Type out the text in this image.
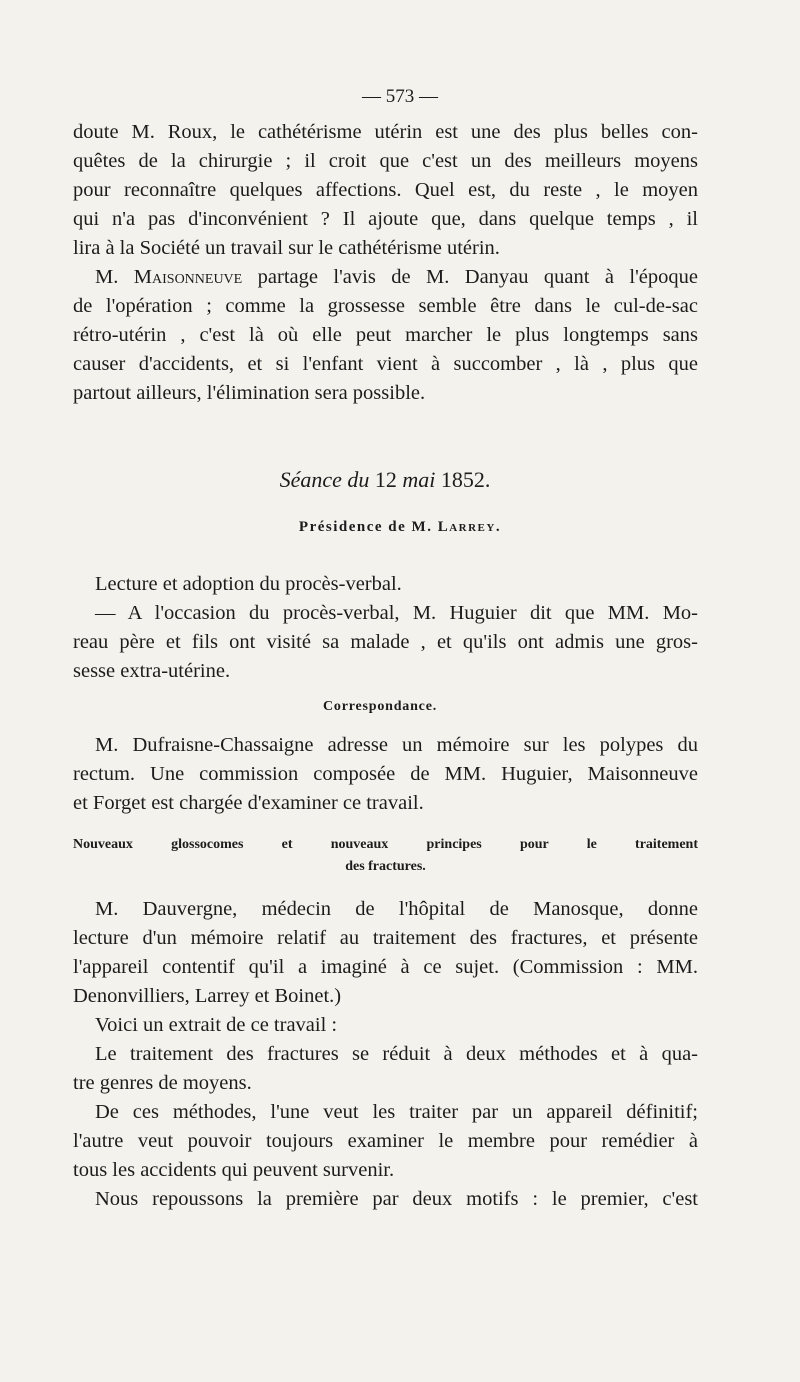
— 573 —

doute M. Roux, le cathétérisme utérin est une des plus belles con-

quêtes de la chirurgie ; il croit que c'est un des meilleurs moyens

pour reconnaître quelques affections. Quel est, du reste , le moyen

qui n'a pas d'inconvénient ? Il ajoute que, dans quelque temps , il

lira à la Société un travail sur le cathétérisme utérin.

M. Maisonneuve partage l'avis de M. Danyau quant à l'époque

de l'opération ; comme la grossesse semble être dans le cul-de-sac

rétro-utérin , c'est là où elle peut marcher le plus longtemps sans

causer d'accidents, et si l'enfant vient à succomber , là , plus que

partout ailleurs, l'élimination sera possible.

Séance du 12 mai 1852.
Présidence de M. Larrey.

Lecture et adoption du procès-verbal.

— A l'occasion du procès-verbal, M. Huguier dit que MM. Mo-

reau père et fils ont visité sa malade , et qu'ils ont admis une gros-

sesse extra-utérine.

Correspondance.

M. Dufraisne-Chassaigne adresse un mémoire sur les polypes du

rectum. Une commission composée de MM. Huguier, Maisonneuve

et Forget est chargée d'examiner ce travail.

Nouveaux glossocomes et nouveaux principes pour le traitement

des fractures.

M. Dauvergne, médecin de l'hôpital de Manosque, donne

lecture d'un mémoire relatif au traitement des fractures, et présente

l'appareil contentif qu'il a imaginé à ce sujet. (Commission : MM.

Denonvilliers, Larrey et Boinet.)

Voici un extrait de ce travail :

Le traitement des fractures se réduit à deux méthodes et à qua-

tre genres de moyens.

De ces méthodes, l'une veut les traiter par un appareil définitif;

l'autre veut pouvoir toujours examiner le membre pour remédier à

tous les accidents qui peuvent survenir.

Nous repoussons la première par deux motifs : le premier, c'est
